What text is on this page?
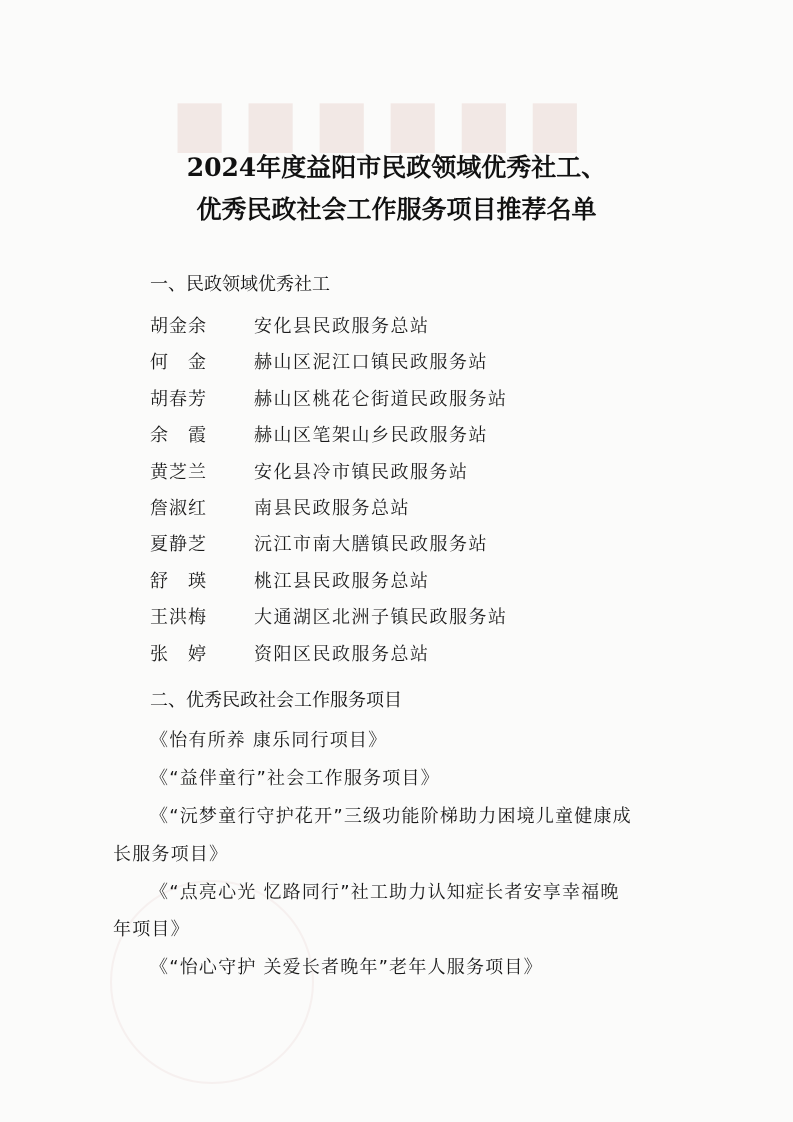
▆▆▆▆▆▆
2024年度益阳市民政领域优秀社工、
优秀民政社会工作服务项目推荐名单
一、民政领域优秀社工
胡金余	安化县民政服务总站
何　金	赫山区泥江口镇民政服务站
胡春芳	赫山区桃花仑街道民政服务站
余　霞	赫山区笔架山乡民政服务站
黄芝兰	安化县冷市镇民政服务站
詹淑红	南县民政服务总站
夏静芝	沅江市南大膳镇民政服务站
舒　瑛	桃江县民政服务总站
王洪梅	大通湖区北洲子镇民政服务站
张　婷	资阳区民政服务总站
二、优秀民政社会工作服务项目
《怡有所养 康乐同行项目》
《“益伴童行”社会工作服务项目》
《“沅梦童行守护花开”三级功能阶梯助力困境儿童健康成
长服务项目》
《“点亮心光 忆路同行”社工助力认知症长者安享幸福晚
年项目》
《“怡心守护 关爱长者晚年”老年人服务项目》
